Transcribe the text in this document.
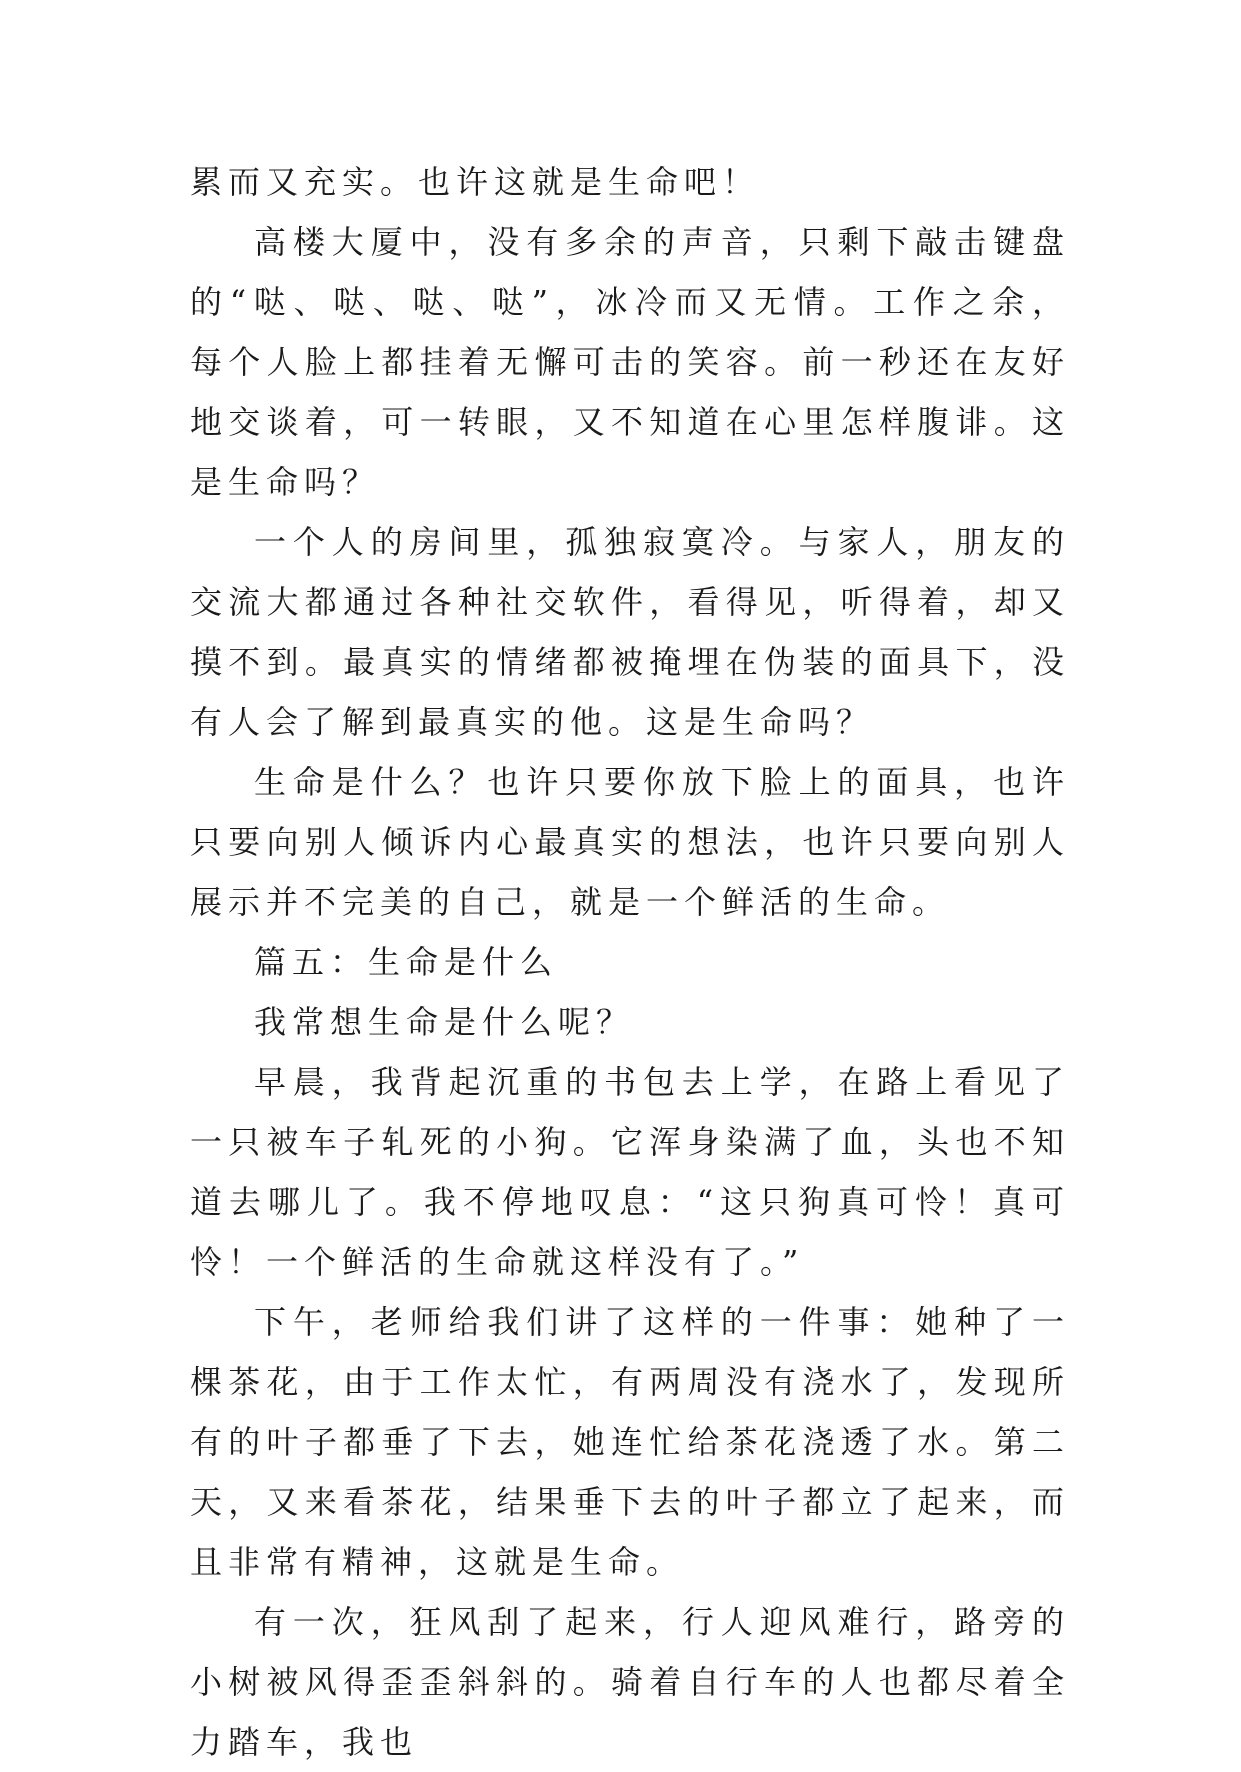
累而又充实。也许这就是生命吧！

高楼大厦中，没有多余的声音，只剩下敲击键盘的“哒、哒、哒、哒”，冰冷而又无情。工作之余，每个人脸上都挂着无懈可击的笑容。前一秒还在友好地交谈着，可一转眼，又不知道在心里怎样腹诽。这是生命吗？

一个人的房间里，孤独寂寞冷。与家人，朋友的交流大都通过各种社交软件，看得见，听得着，却又摸不到。最真实的情绪都被掩埋在伪装的面具下，没有人会了解到最真实的他。这是生命吗？

生命是什么？也许只要你放下脸上的面具，也许只要向别人倾诉内心最真实的想法，也许只要向别人展示并不完美的自己，就是一个鲜活的生命。

篇五：生命是什么

我常想生命是什么呢？

早晨，我背起沉重的书包去上学，在路上看见了一只被车子轧死的小狗。它浑身染满了血，头也不知道去哪儿了。我不停地叹息：“这只狗真可怜！真可怜！一个鲜活的生命就这样没有了。”

下午，老师给我们讲了这样的一件事：她种了一棵茶花，由于工作太忙，有两周没有浇水了，发现所有的叶子都垂了下去，她连忙给茶花浇透了水。第二天，又来看茶花，结果垂下去的叶子都立了起来，而且非常有精神，这就是生命。

有一次，狂风刮了起来，行人迎风难行，路旁的小树被风得歪歪斜斜的。骑着自行车的人也都尽着全力踏车，我也
